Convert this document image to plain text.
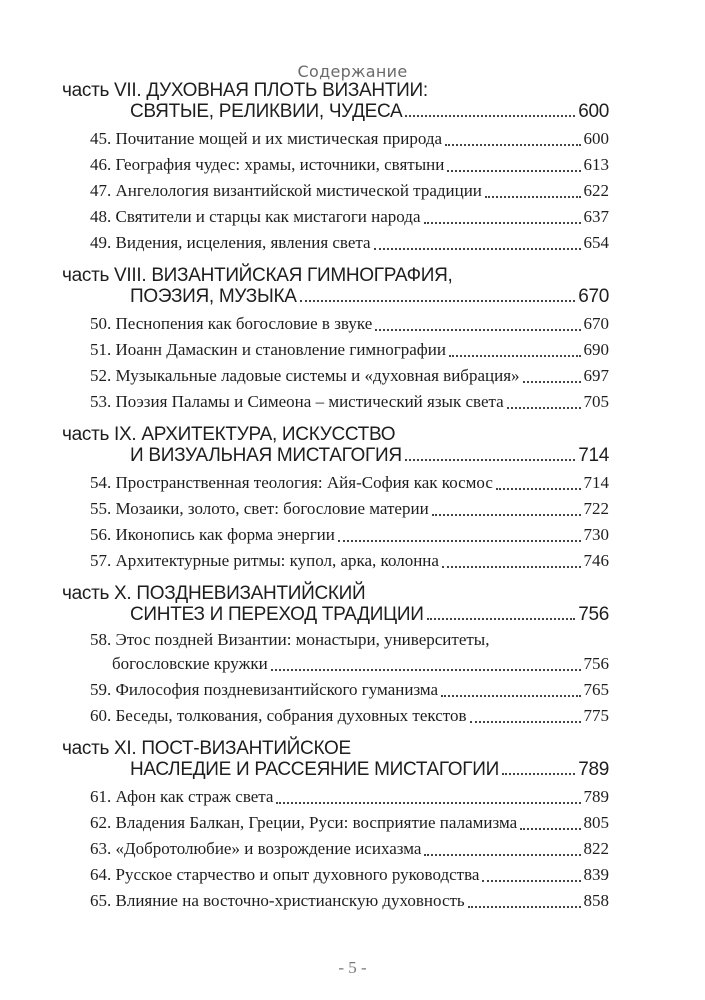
Содержание
часть VII. ДУХОВНАЯ ПЛОТЬ ВИЗАНТИИ:
СВЯТЫЕ, РЕЛИКВИИ, ЧУДЕСА	600
45. Почитание мощей и их мистическая природа	600
46. География чудес: храмы, источники, святыни	613
47. Ангелология византийской мистической традиции	622
48. Святители и старцы как мистагоги народа	637
49. Видения, исцеления, явления света	654
часть VIII. ВИЗАНТИЙСКАЯ ГИМНОГРАФИЯ,
ПОЭЗИЯ, МУЗЫКА	670
50. Песнопения как богословие в звуке	670
51. Иоанн Дамаскин и становление гимнографии	690
52. Музыкальные ладовые системы и «духовная вибрация»	697
53. Поэзия Паламы и Симеона – мистический язык света	705
часть IX. АРХИТЕКТУРА, ИСКУССТВО
И ВИЗУАЛЬНАЯ МИСТАГОГИЯ	714
54. Пространственная теология: Айя-София как космос	714
55. Мозаики, золото, свет: богословие материи	722
56. Иконопись как форма энергии	730
57. Архитектурные ритмы: купол, арка, колонна	746
часть X. ПОЗДНЕВИЗАНТИЙСКИЙ
СИНТЕЗ И ПЕРЕХОД ТРАДИЦИИ	756
58. Этос поздней Византии: монастыри, университеты,
богословские кружки	756
59. Философия поздневизантийского гуманизма	765
60. Беседы, толкования, собрания духовных текстов	775
часть XI. ПОСТ-ВИЗАНТИЙСКОЕ
НАСЛЕДИЕ И РАССЕЯНИЕ МИСТАГОГИИ	789
61. Афон как страж света	789
62. Владения Балкан, Греции, Руси: восприятие паламизма	805
63. «Добротолюбие» и возрождение исихазма	822
64. Русское старчество и опыт духовного руководства	839
65. Влияние на восточно-христианскую духовность	858
- 5 -
